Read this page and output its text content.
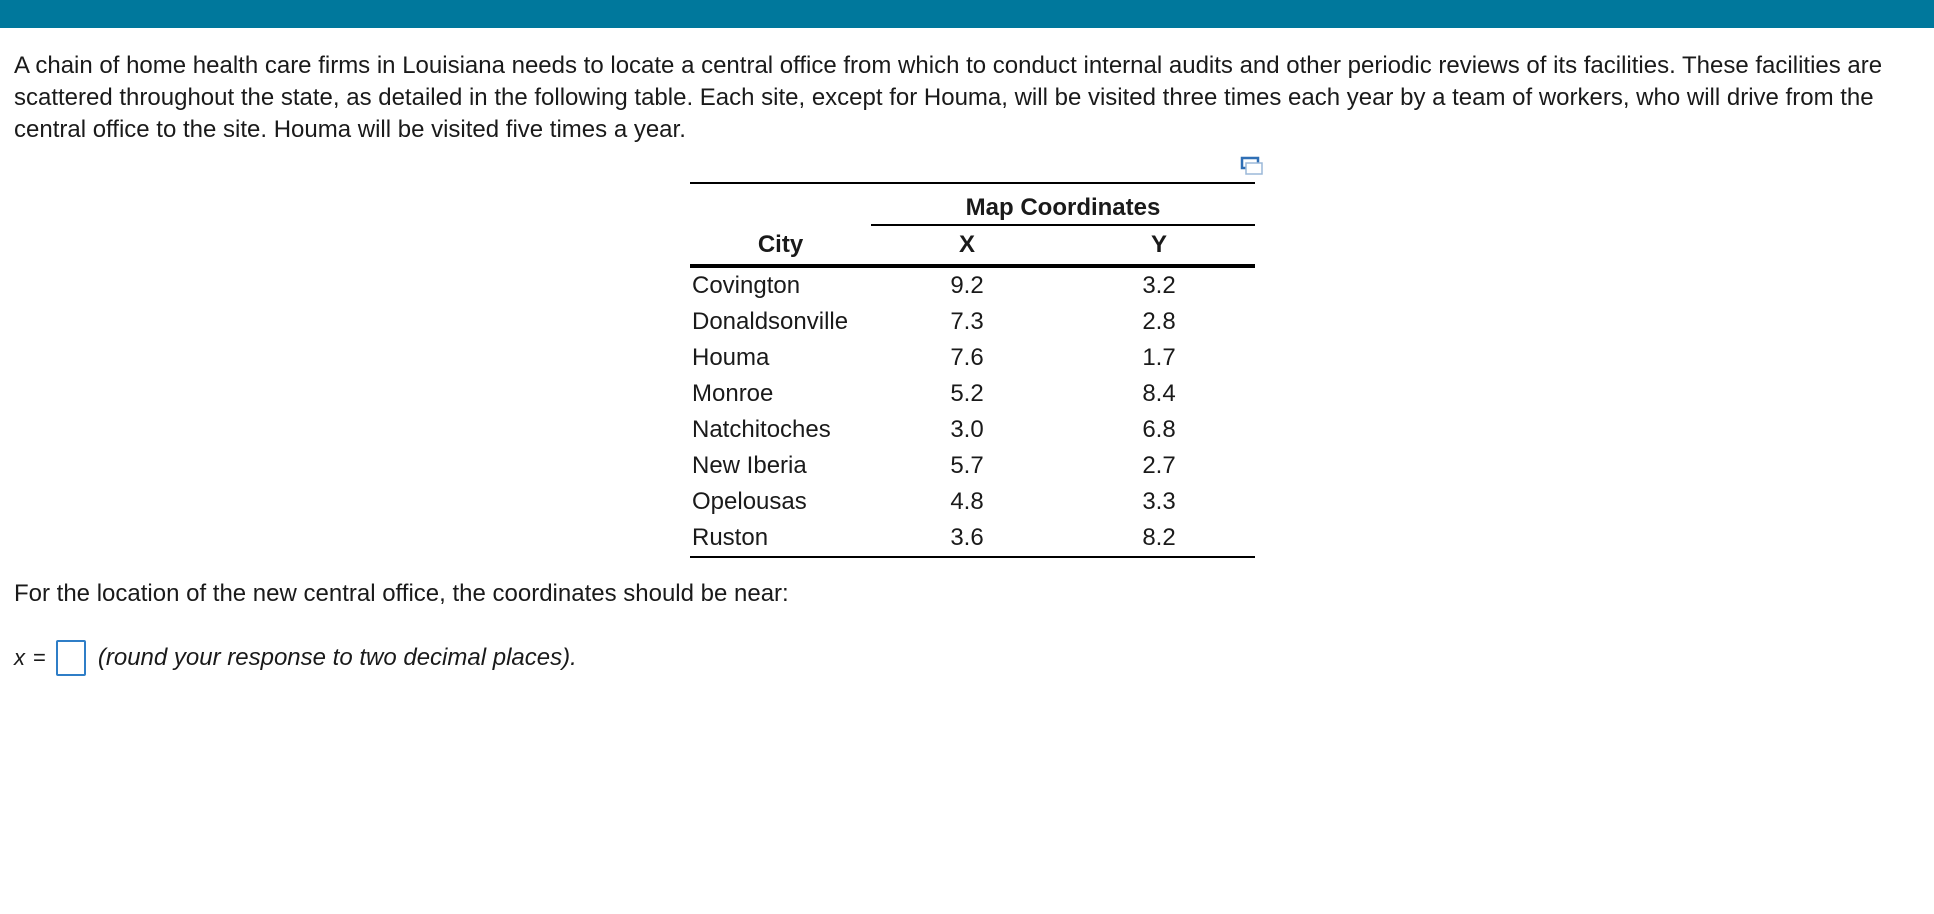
A chain of home health care firms in Louisiana needs to locate a central office from which to conduct internal audits and other periodic reviews of its facilities. These facilities are scattered throughout the state, as detailed in the following table. Each site, except for Houma, will be visited three times each year by a team of workers, who will drive from the central office to the site. Houma will be visited five times a year.
	Map Coordinates	
City	X	Y
Covington	9.2	3.2
Donaldsonville	7.3	2.8
Houma	7.6	1.7
Monroe	5.2	8.4
Natchitoches	3.0	6.8
New Iberia	5.7	2.7
Opelousas	4.8	3.3
Ruston	3.6	8.2
For the location of the new central office, the coordinates should be near:
x = (round your response to two decimal places).
